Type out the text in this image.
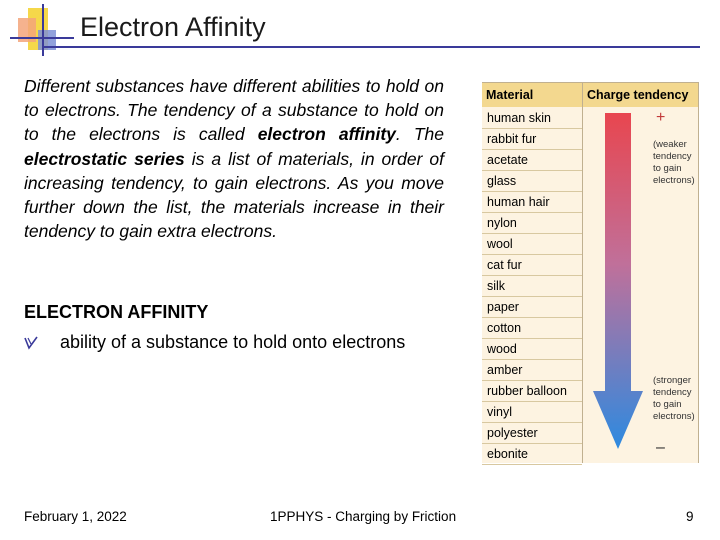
Electron Affinity
Different substances have different abilities to hold on to electrons. The tendency of a substance to hold on to the electrons is called electron affinity. The electrostatic series is a list of materials, in order of increasing tendency, to gain electrons. As you move further down the list, the materials increase in their tendency to gain extra electrons.
ELECTRON AFFINITY
ability of a substance to hold onto electrons
Material	Charge tendency
human skin
rabbit fur
acetate
glass
human hair
nylon
wool
cat fur
silk
paper
cotton
wood
amber
rubber balloon
vinyl
polyester
ebonite
+
(weaker
tendency
to gain
electrons)
(stronger
tendency
to gain
electrons)
–
February 1, 2022	1PPHYS - Charging by Friction	9
